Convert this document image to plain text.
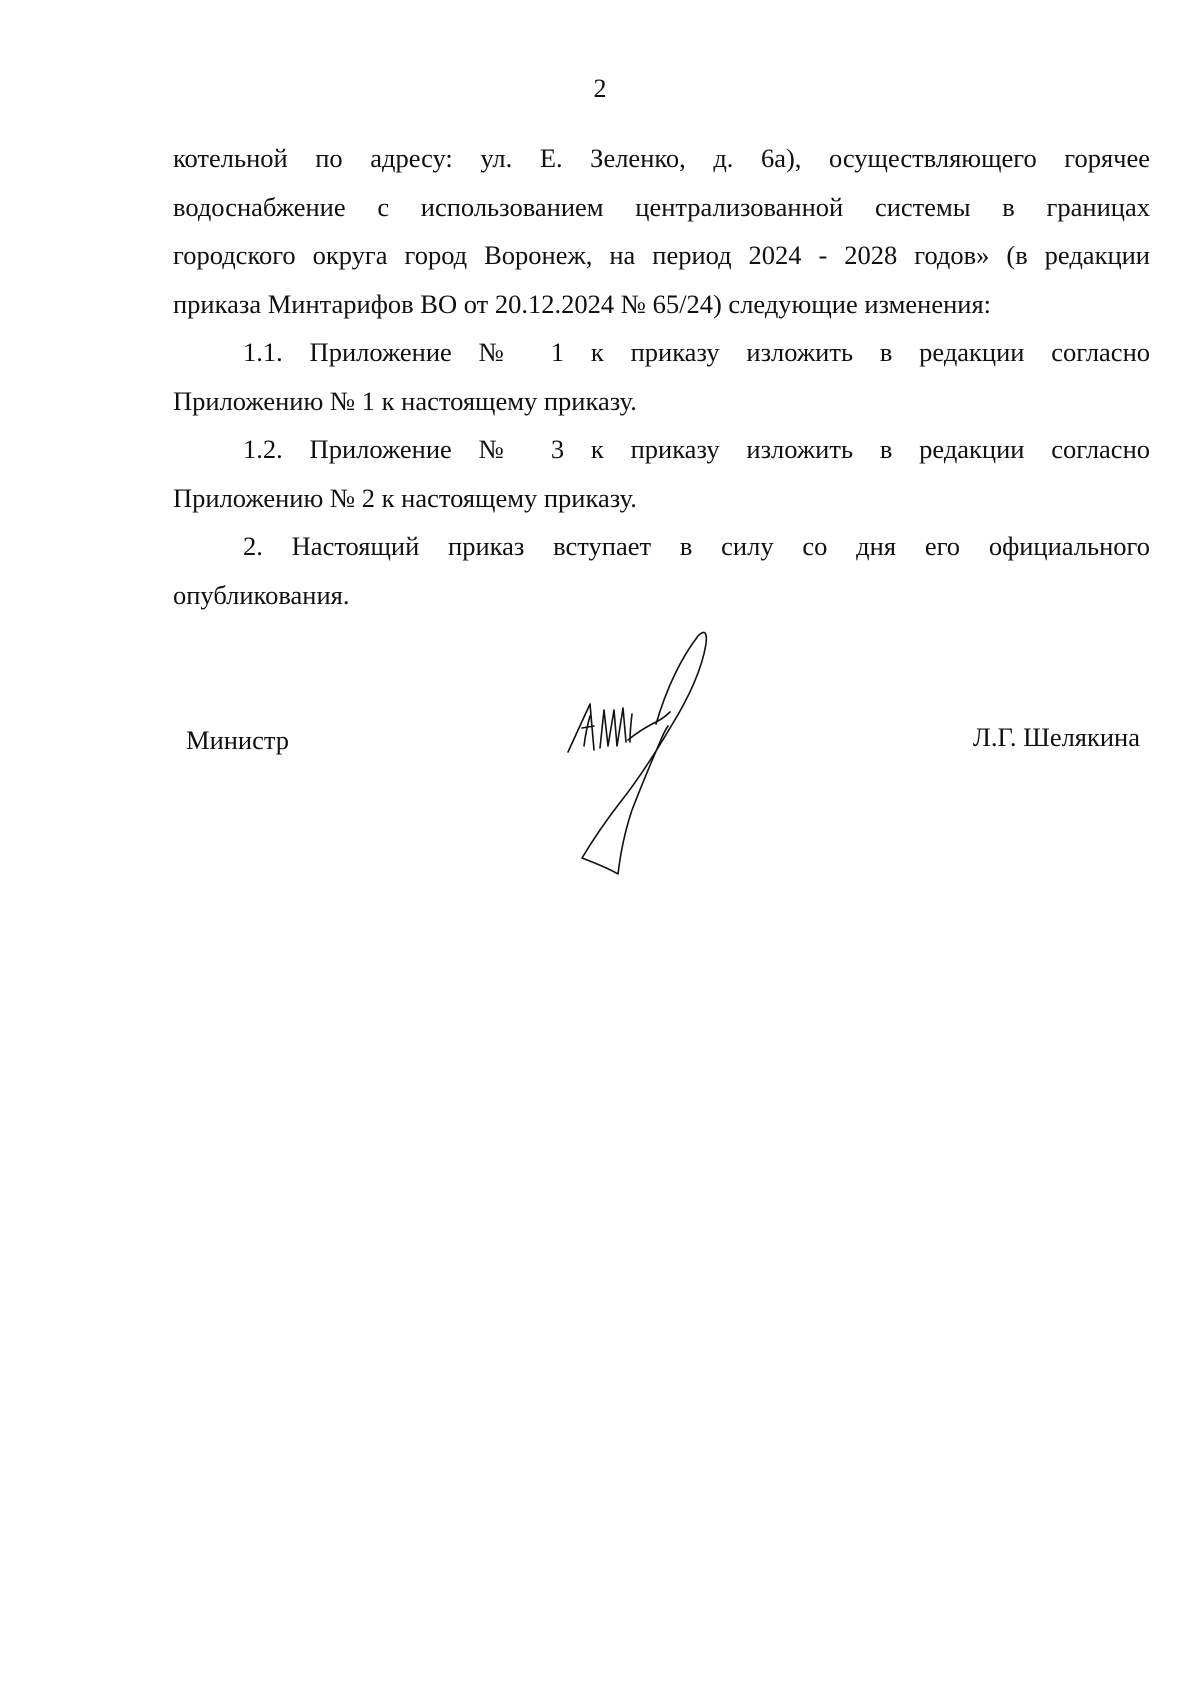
2
котельной по адресу: ул. Е. Зеленко, д. 6а), осуществляющего горячее
водоснабжение с использованием централизованной системы в границах
городского округа город Воронеж, на период 2024 - 2028 годов» (в редакции
приказа Минтарифов ВО от 20.12.2024 № 65/24) следующие изменения:
1.1. Приложение № 1 к приказу изложить в редакции согласно
Приложению № 1 к настоящему приказу.
1.2. Приложение № 3 к приказу изложить в редакции согласно
Приложению № 2 к настоящему приказу.
2. Настоящий приказ вступает в силу со дня его официального
опубликования.
Министр	Л.Г. Шелякина
